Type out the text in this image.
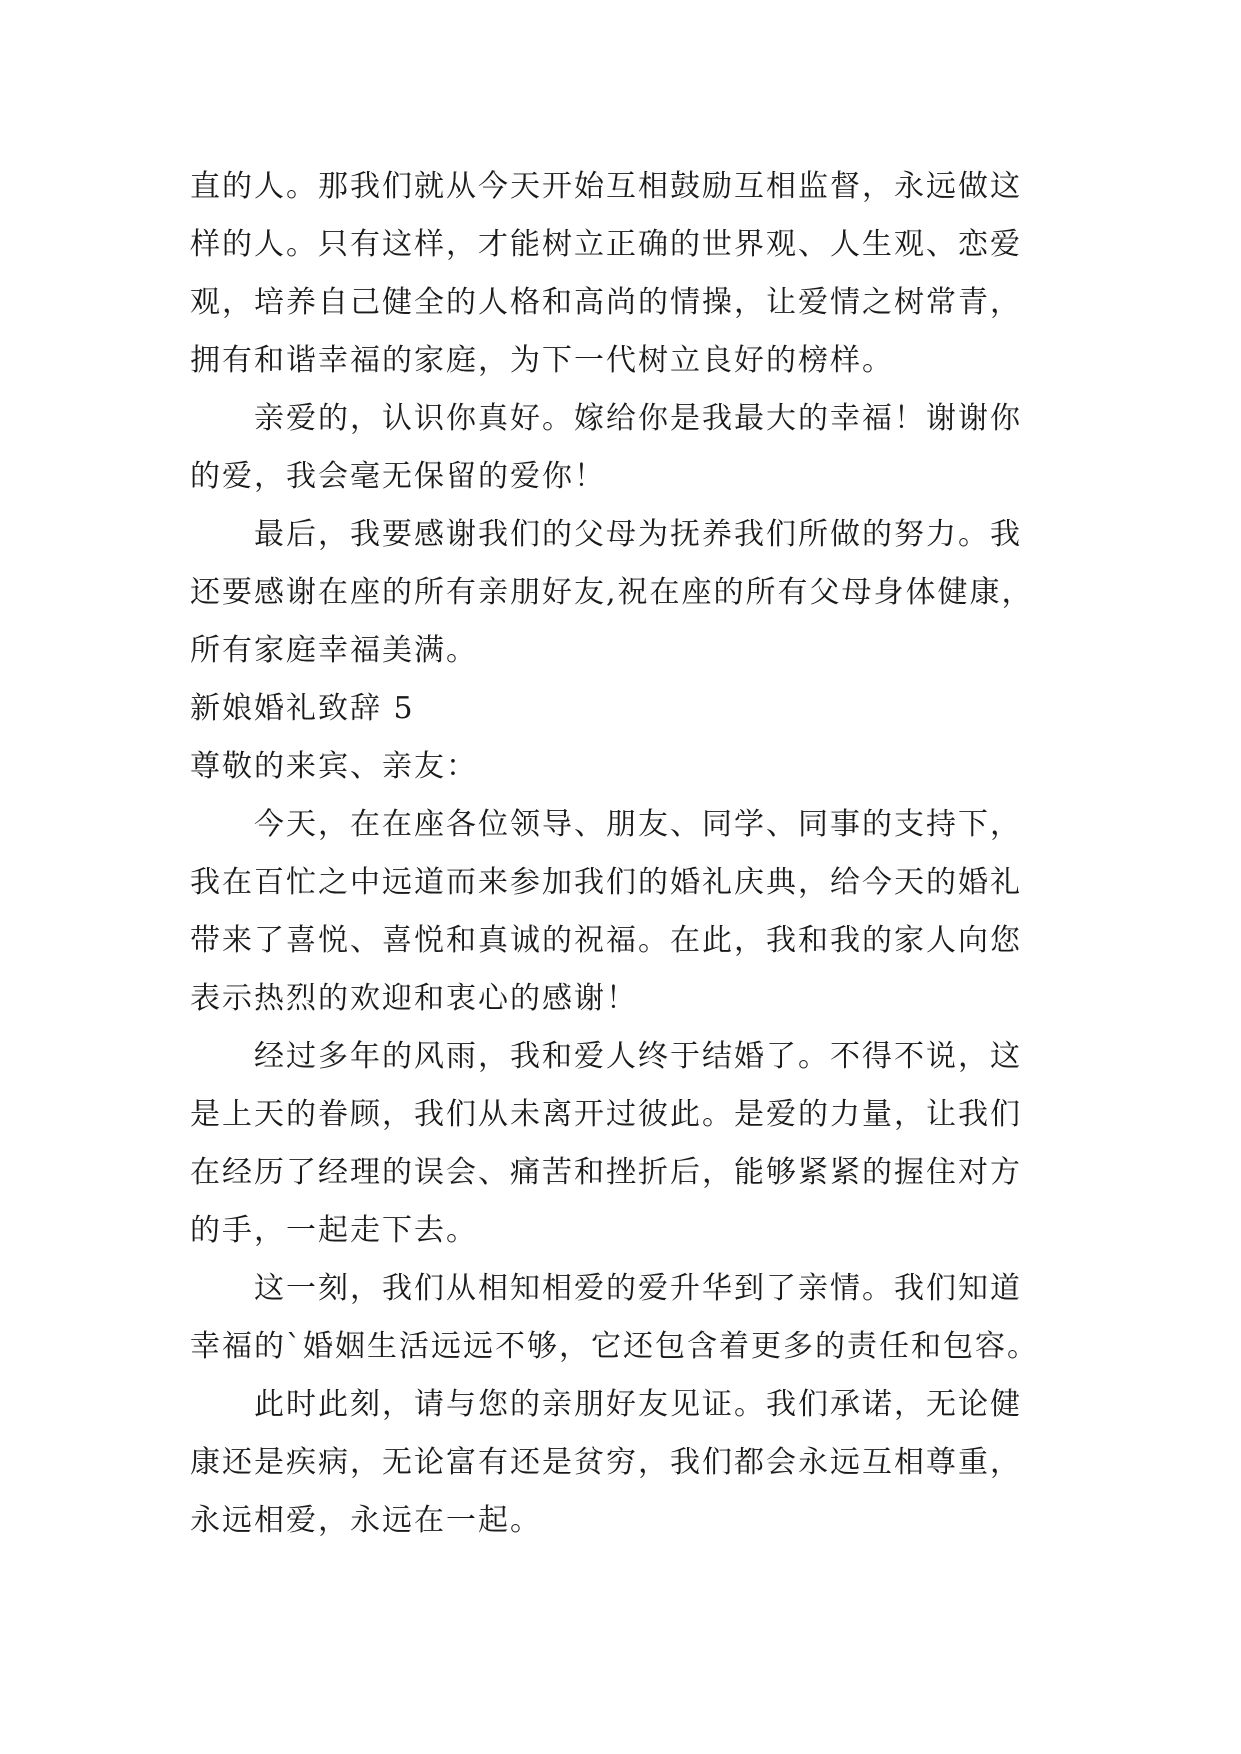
直的人。那我们就从今天开始互相鼓励互相监督，永远做这
样的人。只有这样，才能树立正确的世界观、人生观、恋爱
观，培养自己健全的人格和高尚的情操，让爱情之树常青，
拥有和谐幸福的家庭，为下一代树立良好的榜样。
亲爱的，认识你真好。嫁给你是我最大的幸福！谢谢你
的爱，我会毫无保留的爱你！
最后，我要感谢我们的父母为抚养我们所做的努力。我
还要感谢在座的所有亲朋好友,祝在座的所有父母身体健康，
所有家庭幸福美满。
新娘婚礼致辞 5
尊敬的来宾、亲友：
今天，在在座各位领导、朋友、同学、同事的支持下，
我在百忙之中远道而来参加我们的婚礼庆典，给今天的婚礼
带来了喜悦、喜悦和真诚的祝福。在此，我和我的家人向您
表示热烈的欢迎和衷心的感谢！
经过多年的风雨，我和爱人终于结婚了。不得不说，这
是上天的眷顾，我们从未离开过彼此。是爱的力量，让我们
在经历了经理的误会、痛苦和挫折后，能够紧紧的握住对方
的手，一起走下去。
这一刻，我们从相知相爱的爱升华到了亲情。我们知道
幸福的`婚姻生活远远不够，它还包含着更多的责任和包容。
此时此刻，请与您的亲朋好友见证。我们承诺，无论健
康还是疾病，无论富有还是贫穷，我们都会永远互相尊重，
永远相爱，永远在一起。
